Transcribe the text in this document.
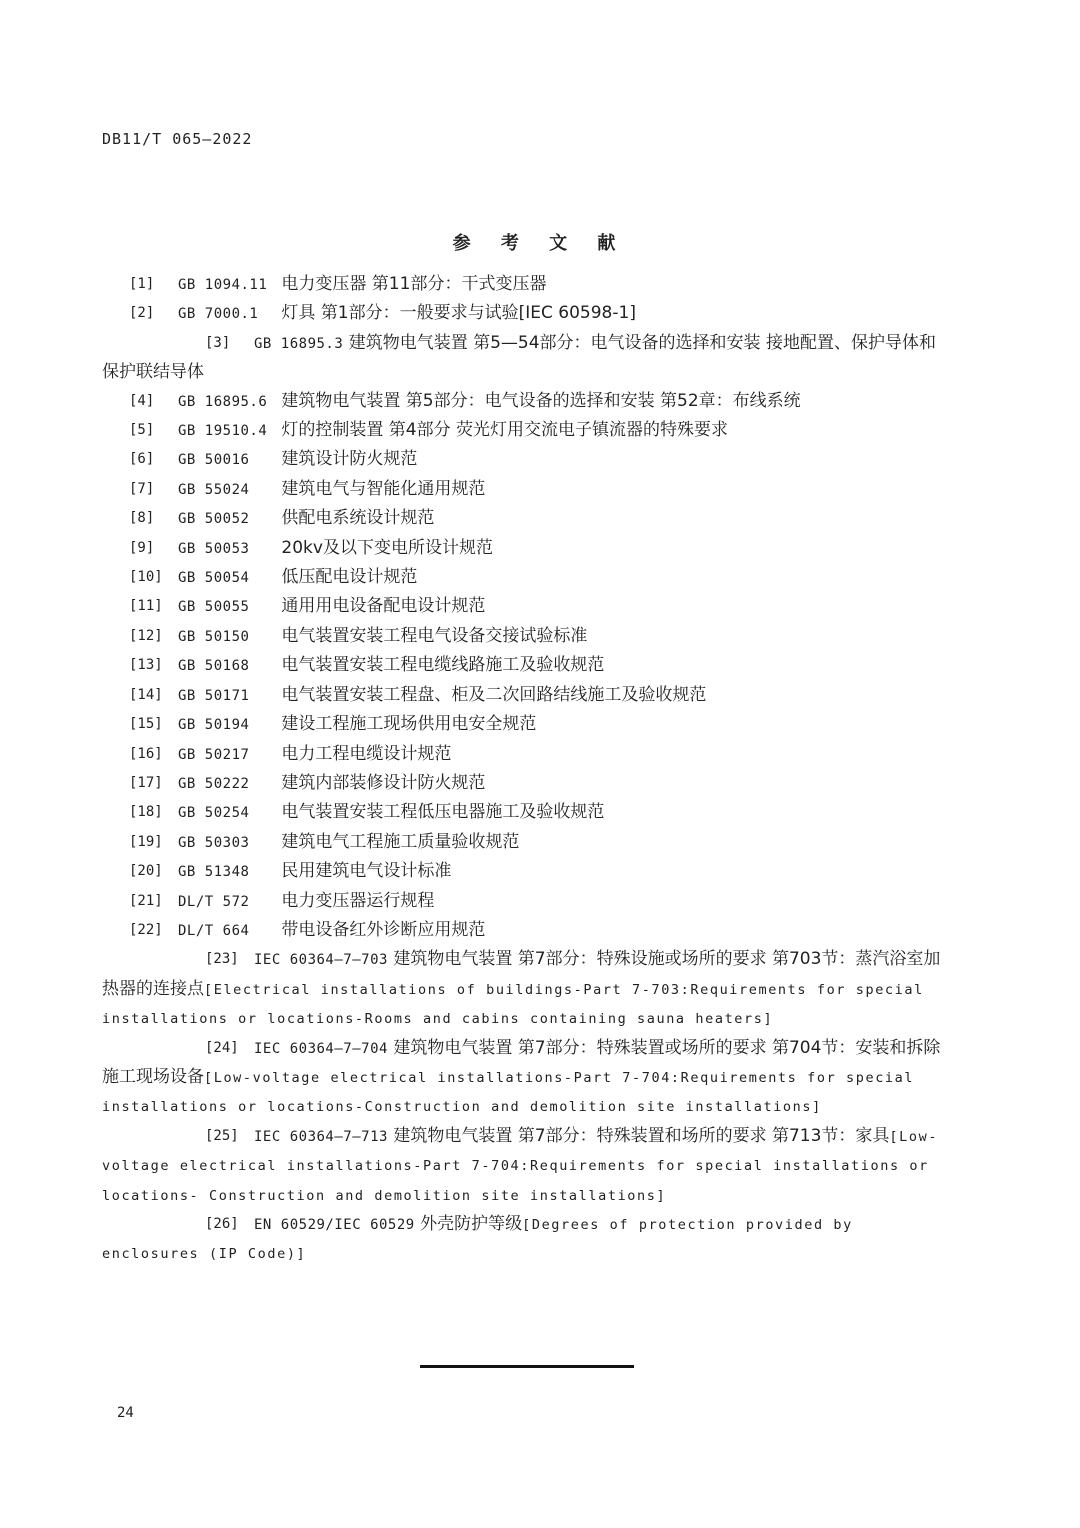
DB11/T 065—2022
参 考 文 献
[1] GB 1094.11 电力变压器 第11部分：干式变压器
[2] GB 7000.1 灯具 第1部分：一般要求与试验[IEC 60598-1]
[3] GB 16895.3 建筑物电气装置 第5—54部分：电气设备的选择和安装 接地配置、保护导体和保护联结导体
[4] GB 16895.6 建筑物电气装置 第5部分：电气设备的选择和安装 第52章：布线系统
[5] GB 19510.4 灯的控制装置 第4部分 荧光灯用交流电子镇流器的特殊要求
[6] GB 50016 建筑设计防火规范
[7] GB 55024 建筑电气与智能化通用规范
[8] GB 50052 供配电系统设计规范
[9] GB 50053 20kv及以下变电所设计规范
[10] GB 50054 低压配电设计规范
[11] GB 50055 通用用电设备配电设计规范
[12] GB 50150 电气装置安装工程电气设备交接试验标准
[13] GB 50168 电气装置安装工程电缆线路施工及验收规范
[14] GB 50171 电气装置安装工程盘、柜及二次回路结线施工及验收规范
[15] GB 50194 建设工程施工现场供用电安全规范
[16] GB 50217 电力工程电缆设计规范
[17] GB 50222 建筑内部装修设计防火规范
[18] GB 50254 电气装置安装工程低压电器施工及验收规范
[19] GB 50303 建筑电气工程施工质量验收规范
[20] GB 51348 民用建筑电气设计标准
[21] DL/T 572 电力变压器运行规程
[22] DL/T 664 带电设备红外诊断应用规范
[23] IEC 60364—7—703 建筑物电气装置 第7部分：特殊设施或场所的要求 第703节：蒸汽浴室加热器的连接点[Electrical installations of buildings-Part 7-703:Requirements for special installations or locations-Rooms and cabins containing sauna heaters]
[24] IEC 60364—7—704 建筑物电气装置 第7部分：特殊装置或场所的要求 第704节：安装和拆除施工现场设备[Low-voltage electrical installations-Part 7-704:Requirements for special installations or locations-Construction and demolition site installations]
[25] IEC 60364—7—713 建筑物电气装置 第7部分：特殊装置和场所的要求 第713节：家具[Low-voltage electrical installations-Part 7-704:Requirements for special installations or locations- Construction and demolition site installations]
[26] EN 60529/IEC 60529 外壳防护等级[Degrees of protection provided by enclosures (IP Code)]
24
